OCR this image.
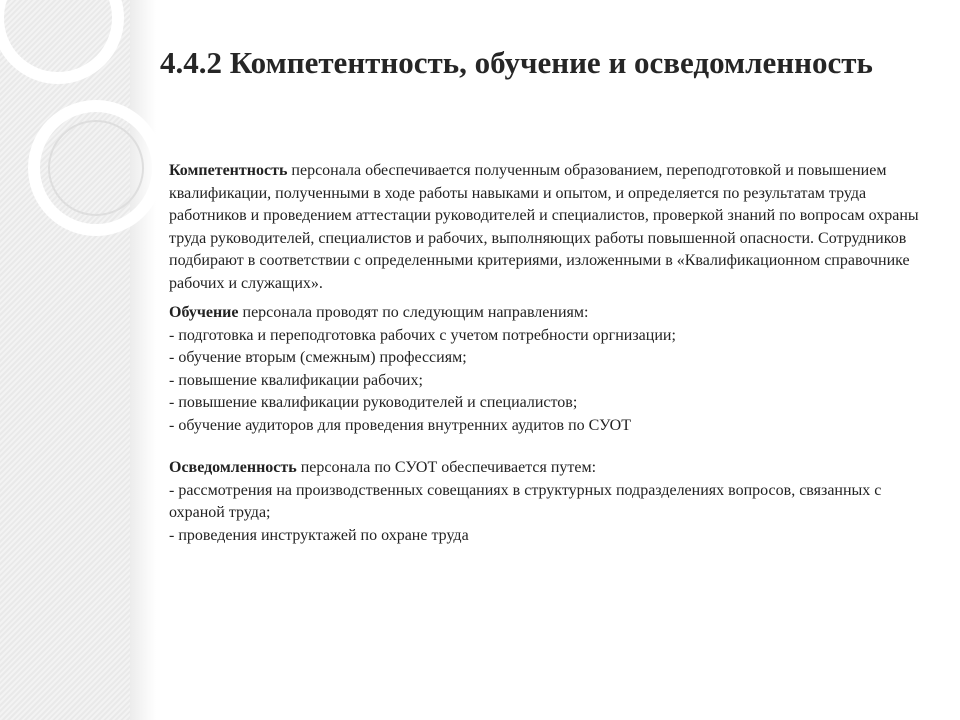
4.4.2 Компетентность, обучение и осведомленность

Компетентность персонала обеспечивается полученным образованием, переподготовкой и повышением квалификации, полученными в ходе работы навыками и опытом, и определяется по результатам труда работников и проведением аттестации руководителей и специалистов, проверкой знаний по вопросам охраны труда руководителей, специалистов и рабочих, выполняющих работы повышенной опасности. Сотрудников подбирают в соответствии с определенными критериями, изложенными в «Квалификационном справочнике рабочих и служащих».

Обучение персонала проводят по следующим направлениям:

- подготовка и переподготовка рабочих с учетом потребности оргнизации;

- обучение вторым (смежным) профессиям;

- повышение квалификации рабочих;

- повышение квалификации руководителей и специалистов;

- обучение аудиторов для проведения внутренних аудитов по СУОТ

Осведомленность персонала по СУОТ обеспечивается путем:

- рассмотрения на производственных совещаниях в структурных подразделениях вопросов, связанных с охраной труда;

- проведения инструктажей по охране труда
